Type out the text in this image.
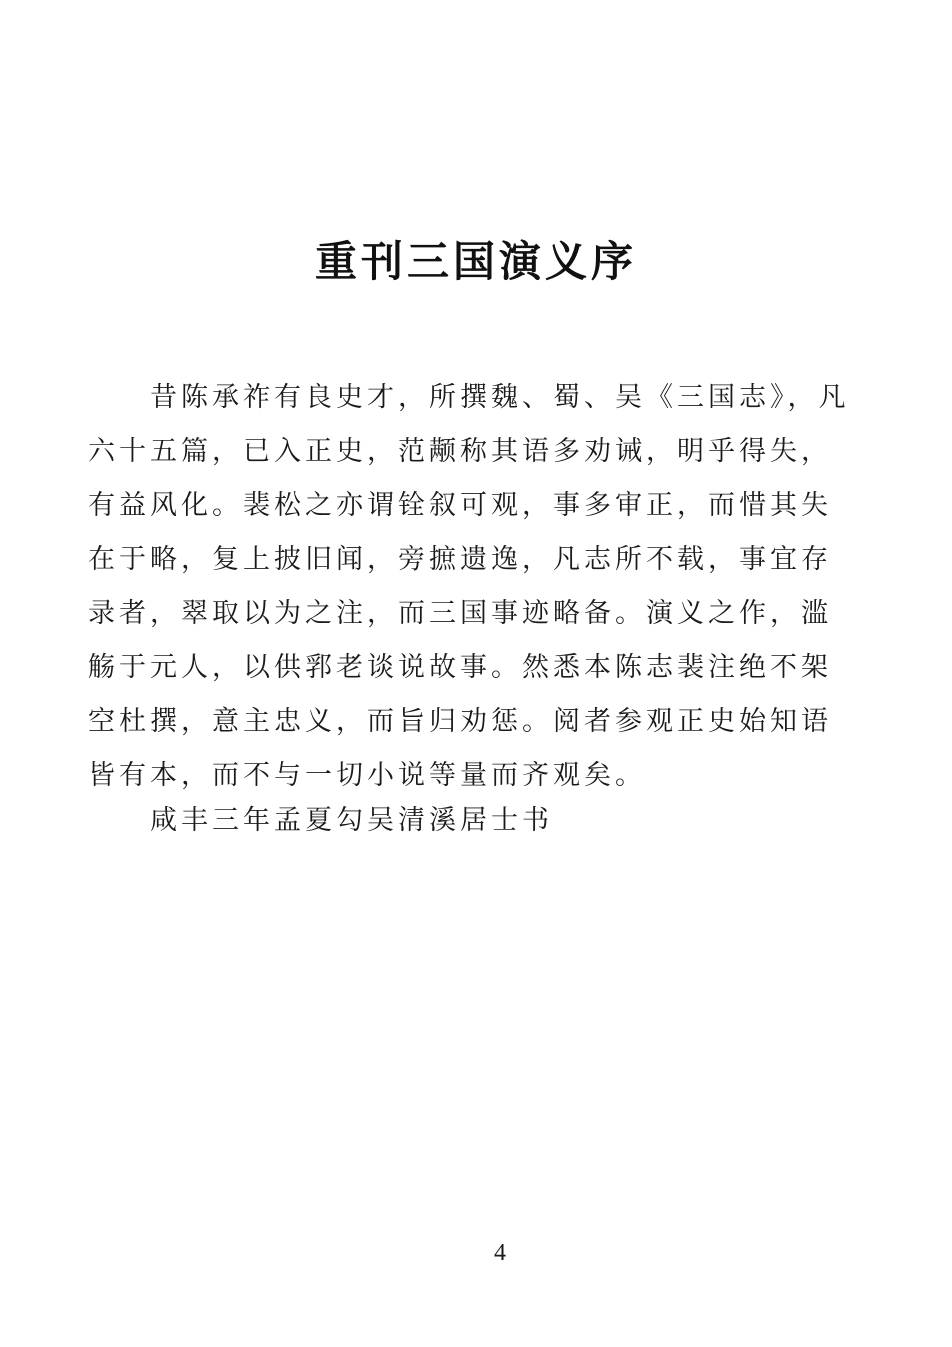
重刊三国演义序
昔陈承祚有良史才，所撰魏、蜀、吴《三国志》，凡
六十五篇，已入正史，范颟称其语多劝诫，明乎得失，
有益风化。裴松之亦谓铨叙可观，事多审正，而惜其失
在于略，复上披旧闻，旁摭遗逸，凡志所不载，事宜存
录者，翠取以为之注，而三国事迹略备。演义之作，滥
觞于元人，以供郛老谈说故事。然悉本陈志裴注绝不架
空杜撰，意主忠义，而旨归劝惩。阅者参观正史始知语
皆有本，而不与一切小说等量而齐观矣。
咸丰三年孟夏勾吴清溪居士书
4
